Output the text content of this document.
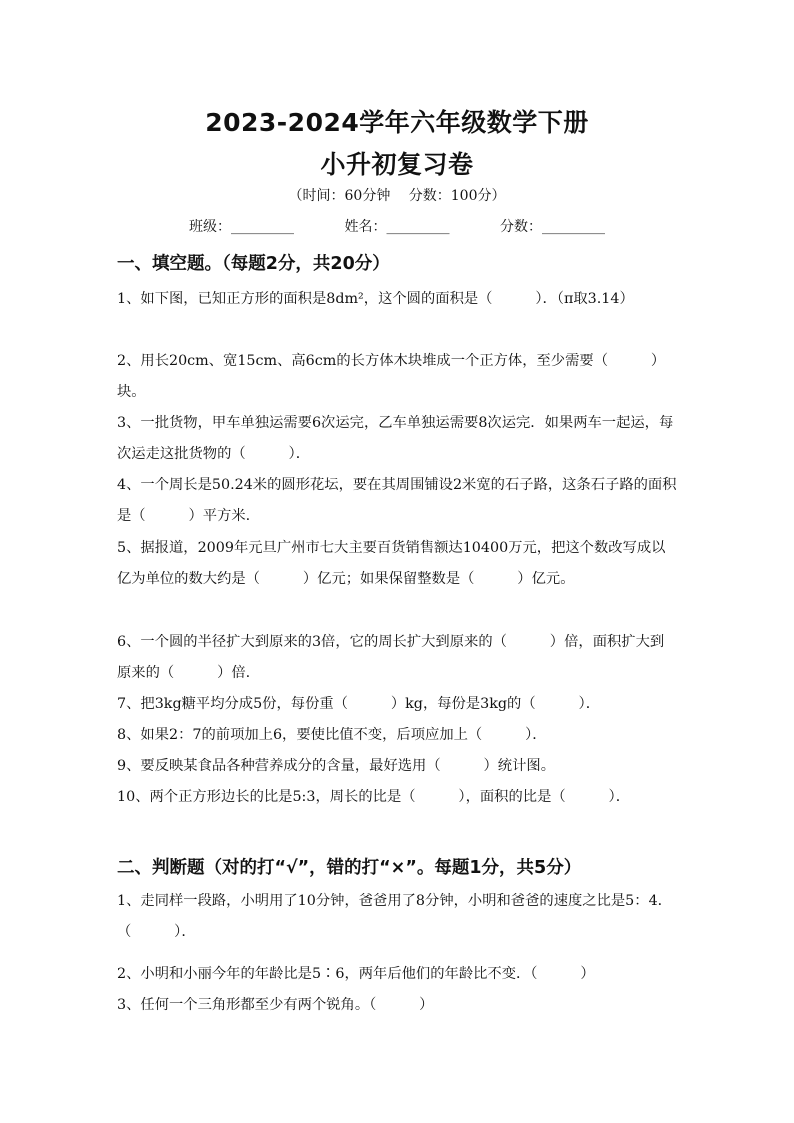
2023-2024学年六年级数学下册
小升初复习卷
（时间：60分钟　 分数：100分）
班级：_________	姓名：_________	分数：_________
一、填空题。（每题2分，共20分）
1、如下图，已知正方形的面积是8dm²，这个圆的面积是（　　　）．（π取3.14）
2、用长20cm、宽15cm、高6cm的长方体木块堆成一个正方体，至少需要（　　　）块。
3、一批货物，甲车单独运需要6次运完，乙车单独运需要8次运完．如果两车一起运，每次运走这批货物的（　　　）．
4、一个周长是50.24米的圆形花坛，要在其周围铺设2米宽的石子路，这条石子路的面积是（　　　）平方米.
5、据报道，2009年元旦广州市七大主要百货销售额达10400万元，把这个数改写成以亿为单位的数大约是（　　　）亿元；如果保留整数是（　　　）亿元。
6、一个圆的半径扩大到原来的3倍，它的周长扩大到原来的（　　　）倍，面积扩大到原来的（　　　）倍.
7、把3kg糖平均分成5份，每份重（　　　）kg，每份是3kg的（　　　）．
8、如果2：7的前项加上6，要使比值不变，后项应加上（　　　）．
9、要反映某食品各种营养成分的含量，最好选用（　　　）统计图。
10、两个正方形边长的比是5:3，周长的比是（　　　），面积的比是（　　　）．
二、判断题（对的打“√”，错的打“×”。每题1分，共5分）
1、走同样一段路，小明用了10分钟，爸爸用了8分钟，小明和爸爸的速度之比是5：4．（　　　）．
2、小明和小丽今年的年龄比是5∶6，两年后他们的年龄比不变．（　　　）
3、任何一个三角形都至少有两个锐角。（　　　）
